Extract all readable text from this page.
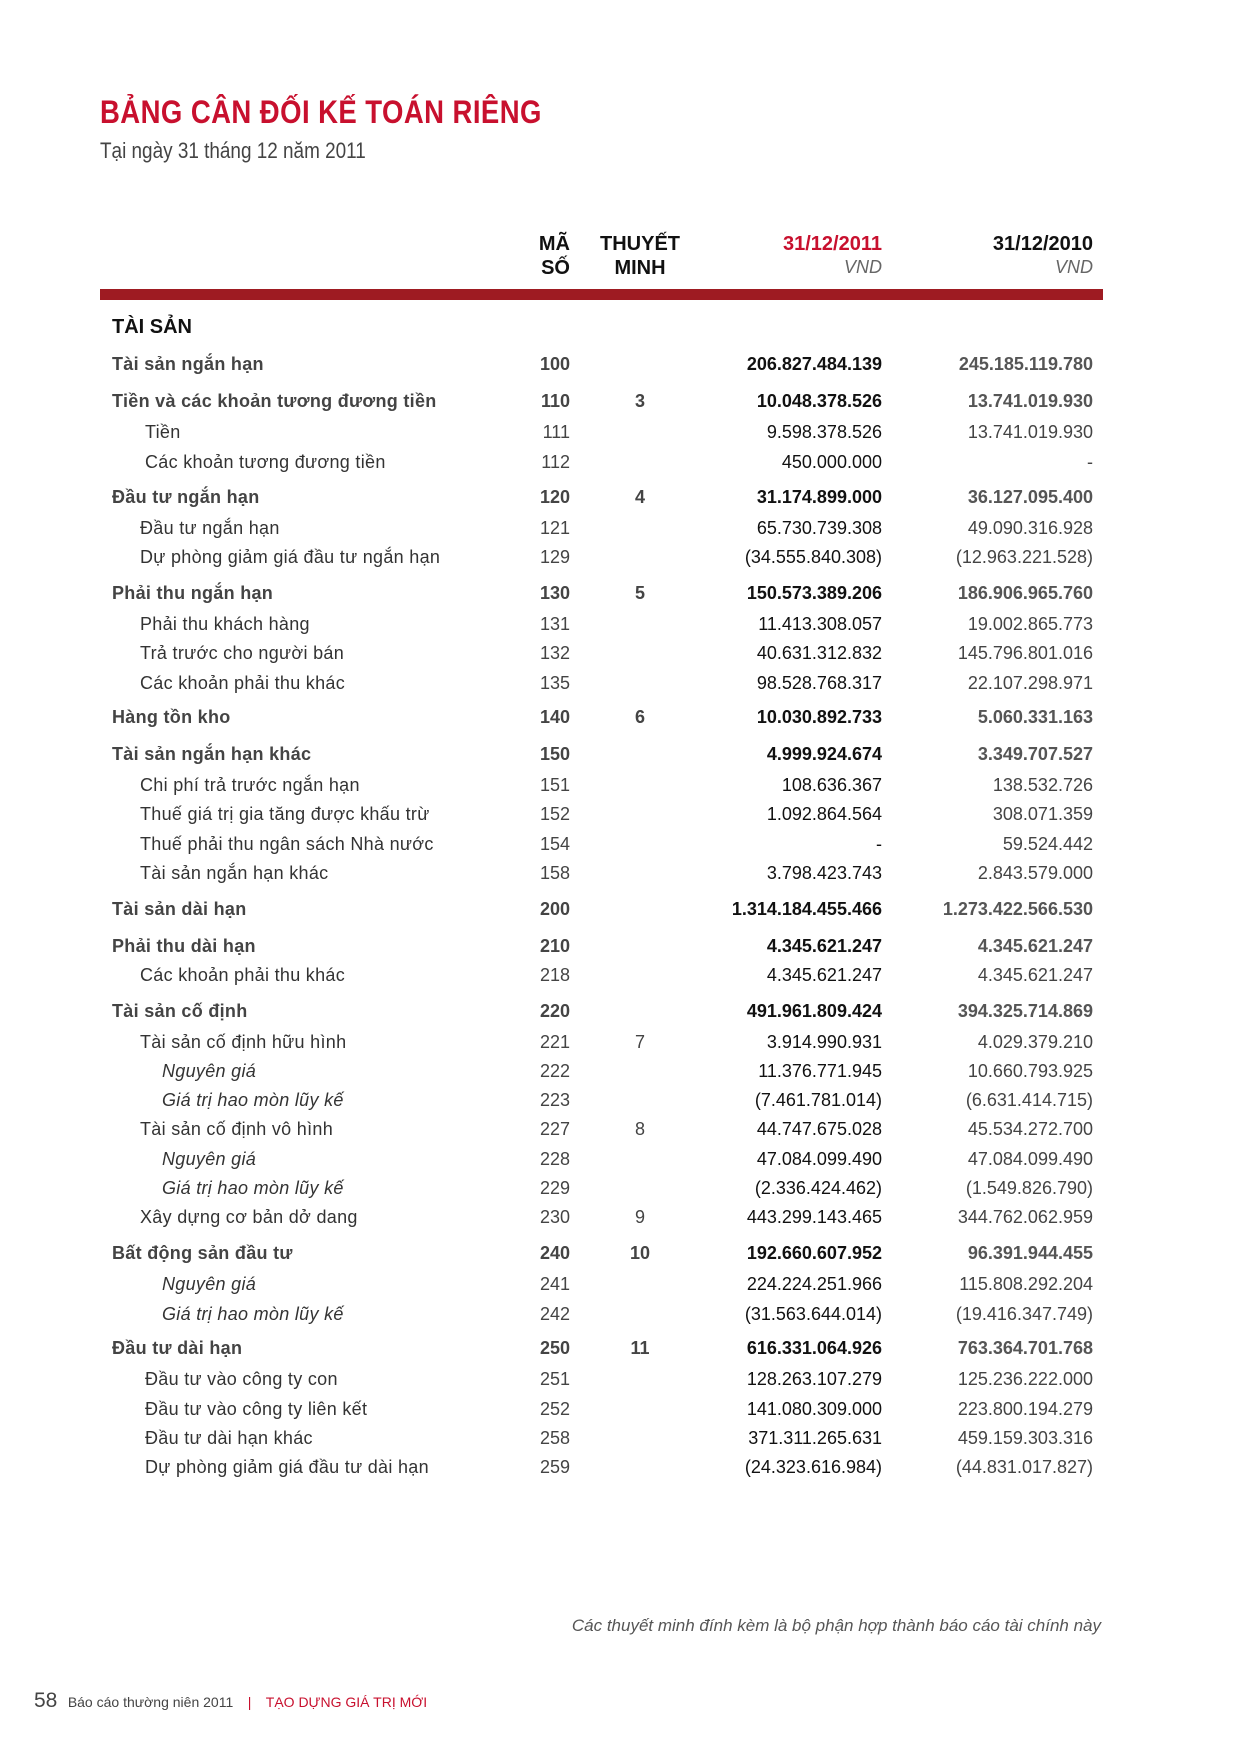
BẢNG CÂN ĐỐI KẾ TOÁN RIÊNG
Tại ngày 31 tháng 12 năm 2011
MÃ
SỐ
THUYẾT
MINH
31/12/2011	31/12/2010
VND	VND
TÀI SẢN
Tài sản ngắn hạn	100	206.827.484.139	245.185.119.780
Tiền và các khoản tương đương tiền	110	3	10.048.378.526	13.741.019.930
Tiền	111	9.598.378.526	13.741.019.930
Các khoản tương đương tiền	112	450.000.000	-
Đầu tư ngắn hạn	120	4	31.174.899.000	36.127.095.400
Đầu tư ngắn hạn	121	65.730.739.308	49.090.316.928
Dự phòng giảm giá đầu tư ngắn hạn	129	(34.555.840.308)	(12.963.221.528)
Phải thu ngắn hạn	130	5	150.573.389.206	186.906.965.760
Phải thu khách hàng	131	11.413.308.057	19.002.865.773
Trả trước cho người bán	132	40.631.312.832	145.796.801.016
Các khoản phải thu khác	135	98.528.768.317	22.107.298.971
Hàng tồn kho	140	6	10.030.892.733	5.060.331.163
Tài sản ngắn hạn khác	150	4.999.924.674	3.349.707.527
Chi phí trả trước ngắn hạn	151	108.636.367	138.532.726
Thuế giá trị gia tăng được khấu trừ	152	1.092.864.564	308.071.359
Thuế phải thu ngân sách Nhà nước	154	-	59.524.442
Tài sản ngắn hạn khác	158	3.798.423.743	2.843.579.000
Tài sản dài hạn	200	1.314.184.455.466	1.273.422.566.530
Phải thu dài hạn	210	4.345.621.247	4.345.621.247
Các khoản phải thu khác	218	4.345.621.247	4.345.621.247
Tài sản cố định	220	491.961.809.424	394.325.714.869
Tài sản cố định hữu hình	221	7	3.914.990.931	4.029.379.210
Nguyên giá	222	11.376.771.945	10.660.793.925
Giá trị hao mòn lũy kế	223	(7.461.781.014)	(6.631.414.715)
Tài sản cố định vô hình	227	8	44.747.675.028	45.534.272.700
Nguyên giá	228	47.084.099.490	47.084.099.490
Giá trị hao mòn lũy kế	229	(2.336.424.462)	(1.549.826.790)
Xây dựng cơ bản dở dang	230	9	443.299.143.465	344.762.062.959
Bất động sản đầu tư	240	10	192.660.607.952	96.391.944.455
Nguyên giá	241	224.224.251.966	115.808.292.204
Giá trị hao mòn lũy kế	242	(31.563.644.014)	(19.416.347.749)
Đầu tư dài hạn	250	11	616.331.064.926	763.364.701.768
Đầu tư vào công ty con	251	128.263.107.279	125.236.222.000
Đầu tư vào công ty liên kết	252	141.080.309.000	223.800.194.279
Đầu tư dài hạn khác	258	371.311.265.631	459.159.303.316
Dự phòng giảm giá đầu tư dài hạn	259	(24.323.616.984)	(44.831.017.827)
Các thuyết minh đính kèm là bộ phận hợp thành báo cáo tài chính này
58 Báo cáo thường niên 2011 | TẠO DỰNG GIÁ TRỊ MỚI
